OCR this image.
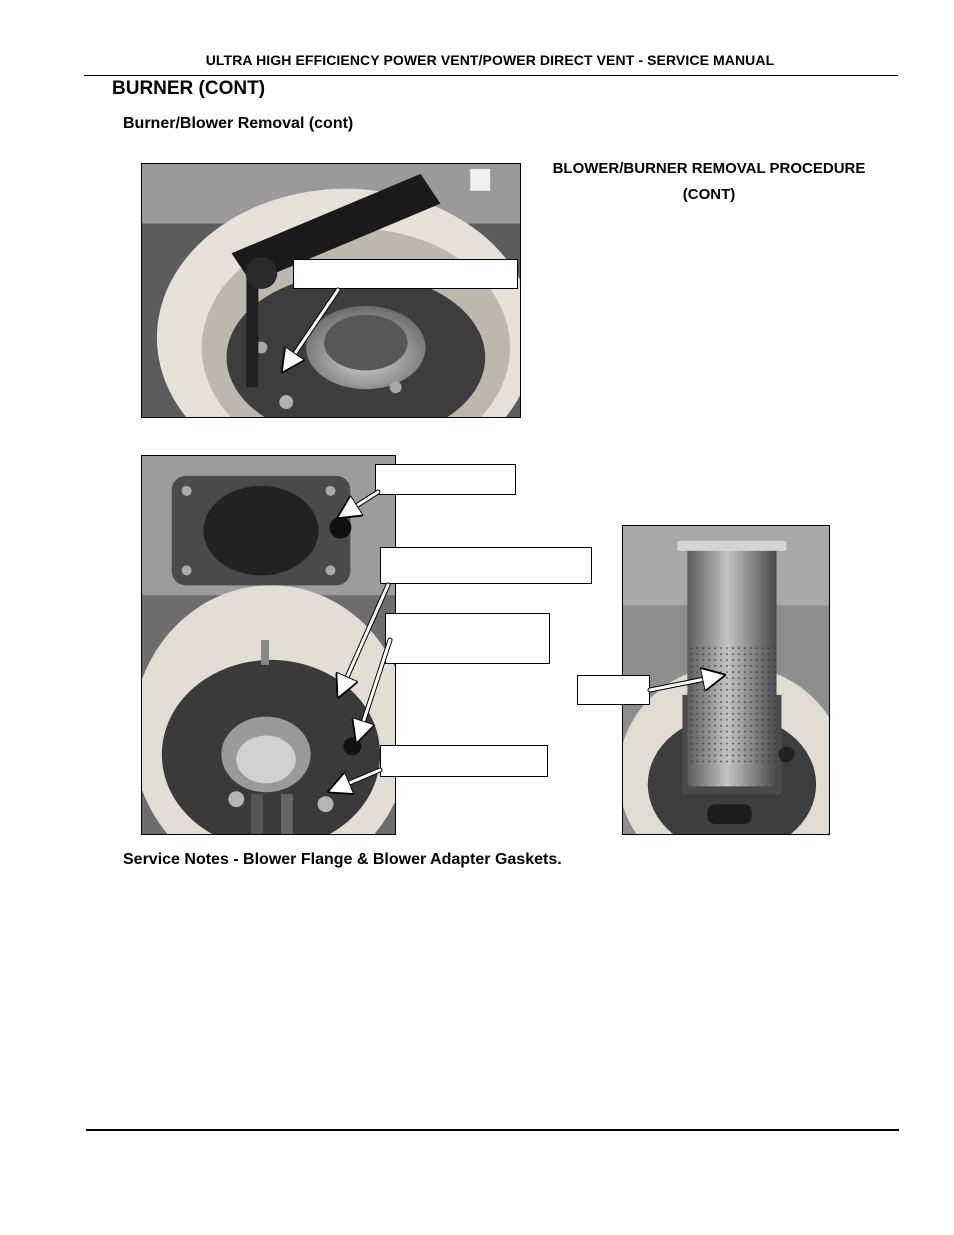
ULTRA HIGH EFFICIENCY POWER VENT/POWER DIRECT VENT - SERVICE MANUAL
BURNER (CONT)
Burner/Blower Removal (cont)
BLOWER/BURNER REMOVAL PROCEDURE
(CONT)
Service Notes - Blower Flange & Blower Adapter Gaskets.
